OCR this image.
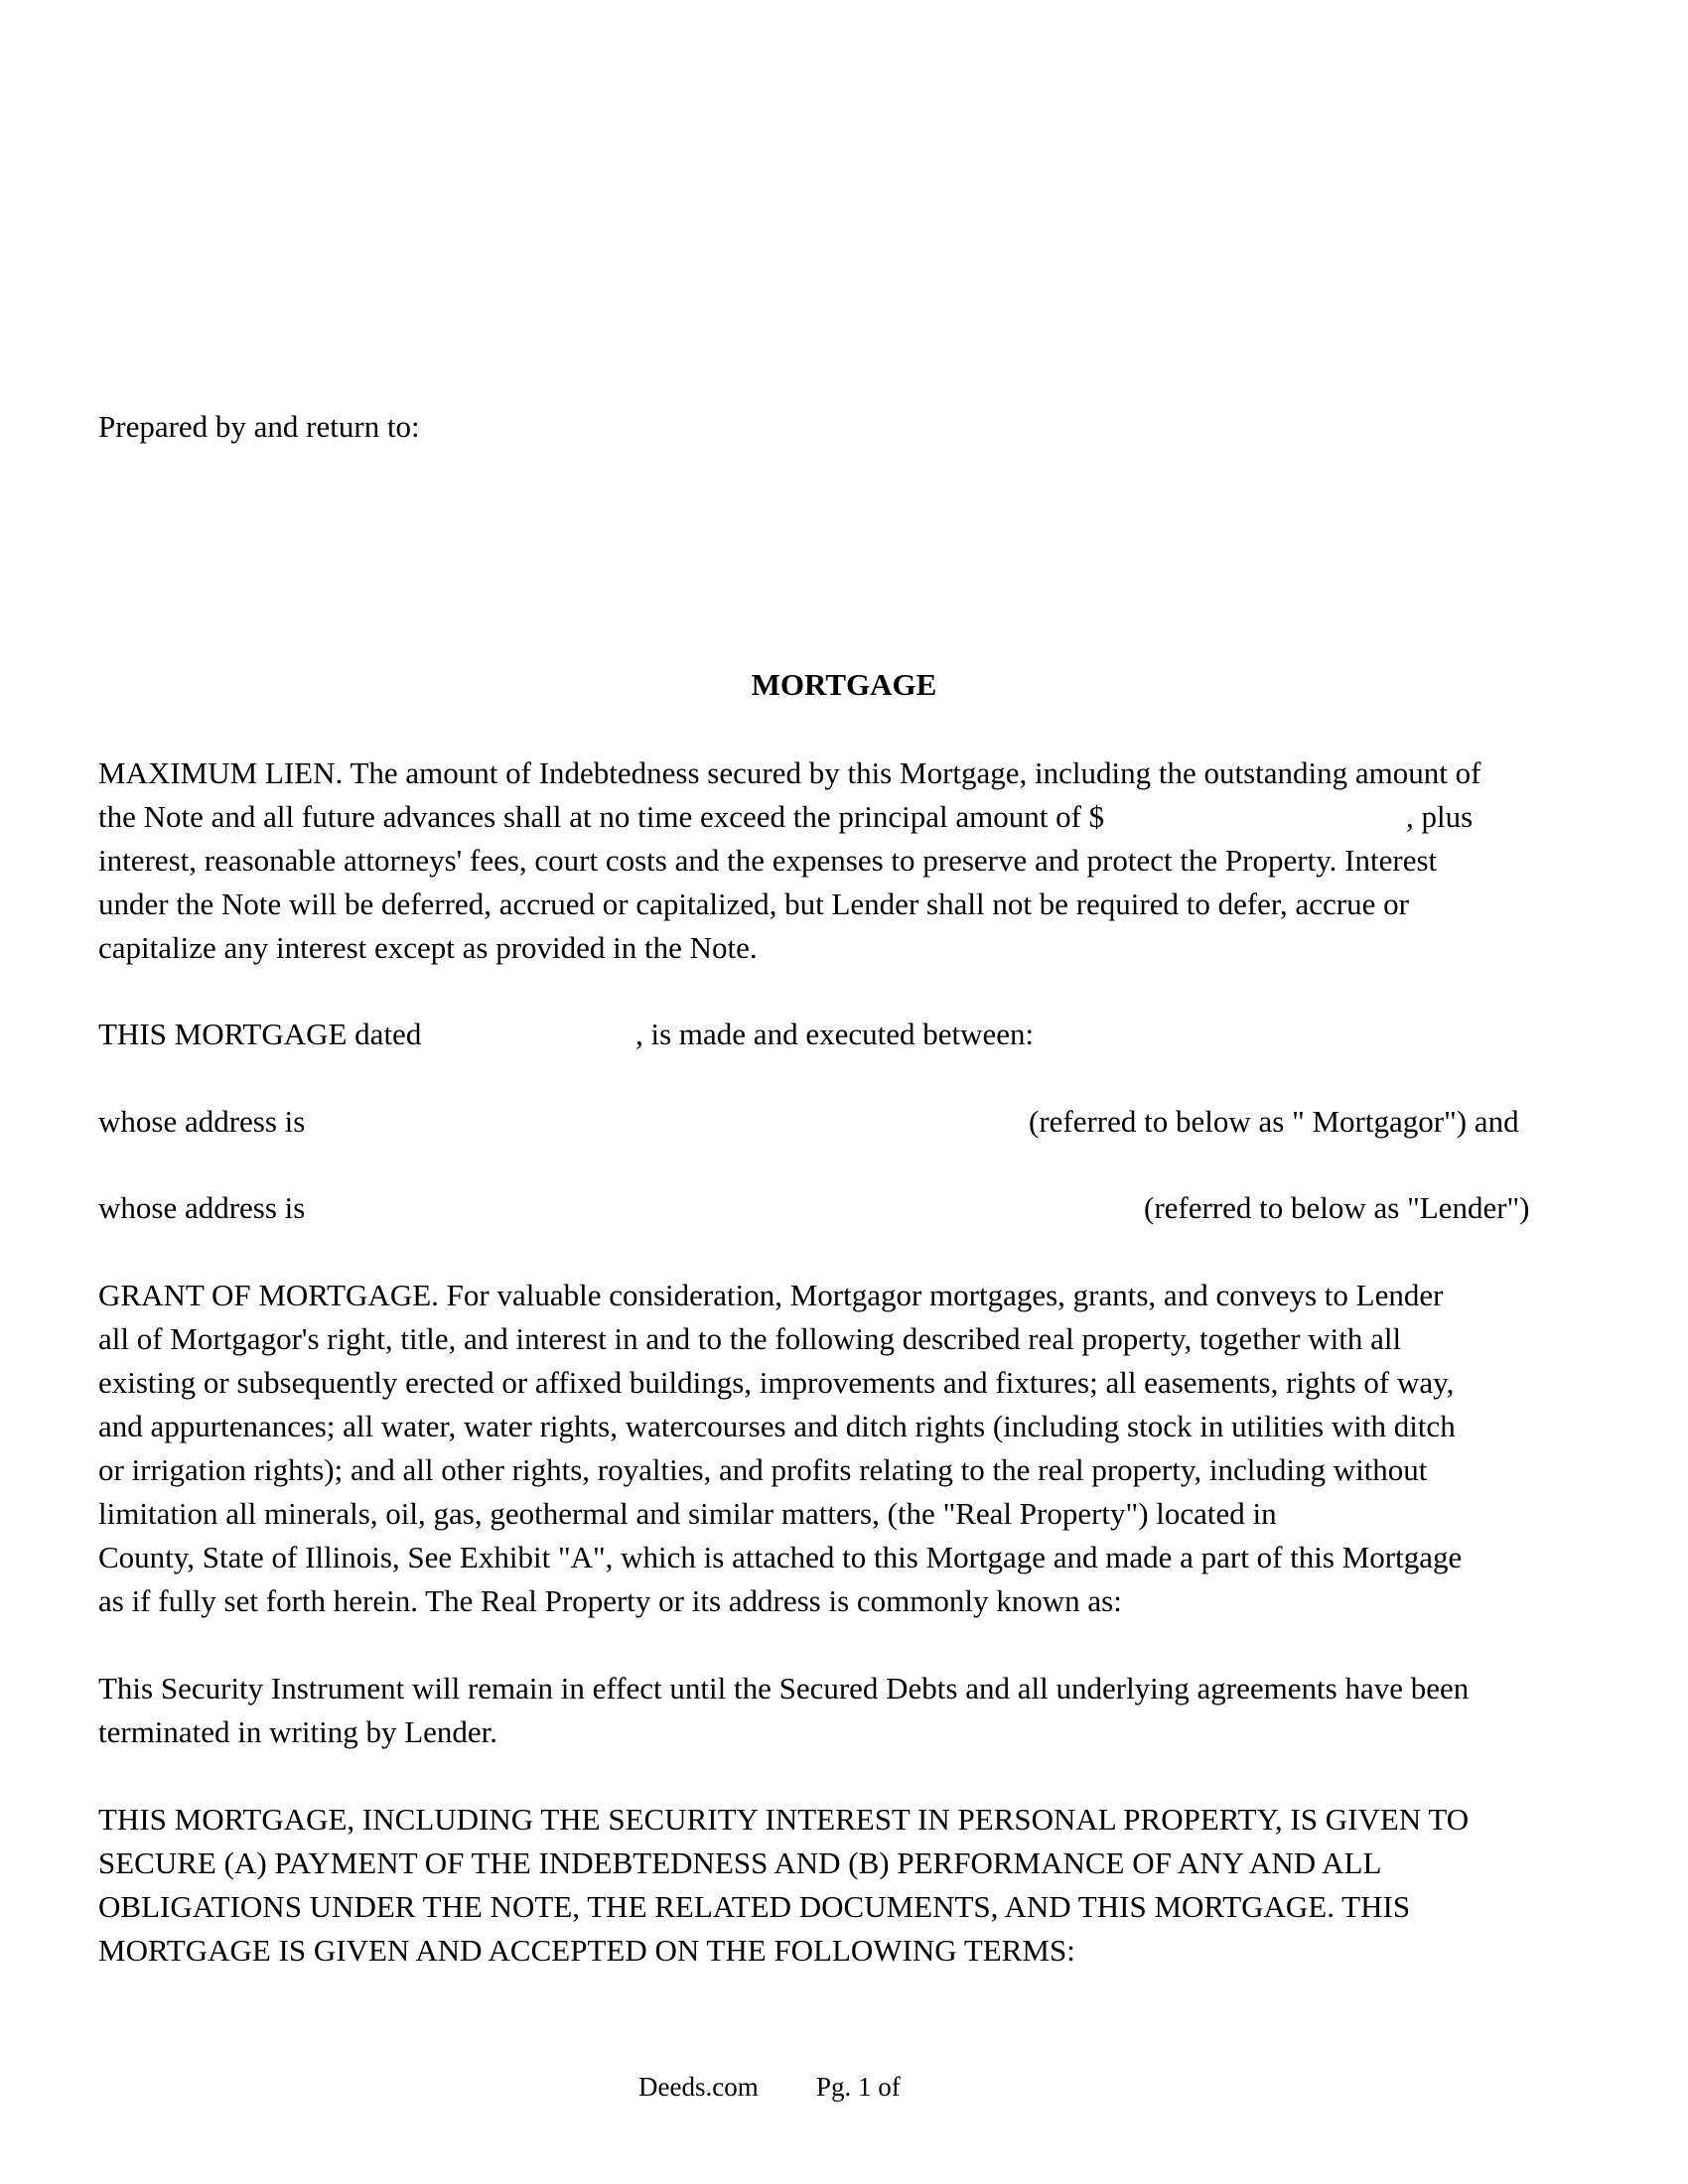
Prepared by and return to:
MORTGAGE
MAXIMUM LIEN. The amount of Indebtedness secured by this Mortgage, including the outstanding amount of
the Note and all future advances shall at no time exceed the principal amount of $	, plus
interest, reasonable attorneys' fees, court costs and the expenses to preserve and protect the Property. Interest
under the Note will be deferred, accrued or capitalized, but Lender shall not be required to defer, accrue or
capitalize any interest except as provided in the Note.
THIS MORTGAGE dated	, is made and executed between:
whose address is	(referred to below as " Mortgagor") and
whose address is	(referred to below as "Lender")
GRANT OF MORTGAGE. For valuable consideration, Mortgagor mortgages, grants, and conveys to Lender
all of Mortgagor's right, title, and interest in and to the following described real property, together with all
existing or subsequently erected or affixed buildings, improvements and fixtures; all easements, rights of way,
and appurtenances; all water, water rights, watercourses and ditch rights (including stock in utilities with ditch
or irrigation rights); and all other rights, royalties, and profits relating to the real property, including without
limitation all minerals, oil, gas, geothermal and similar matters, (the "Real Property") located in
County, State of Illinois, See Exhibit "A", which is attached to this Mortgage and made a part of this Mortgage
as if fully set forth herein. The Real Property or its address is commonly known as:
This Security Instrument will remain in effect until the Secured Debts and all underlying agreements have been
terminated in writing by Lender.
THIS MORTGAGE, INCLUDING THE SECURITY INTEREST IN PERSONAL PROPERTY, IS GIVEN TO
SECURE (A) PAYMENT OF THE INDEBTEDNESS AND (B) PERFORMANCE OF ANY AND ALL
OBLIGATIONS UNDER THE NOTE, THE RELATED DOCUMENTS, AND THIS MORTGAGE. THIS
MORTGAGE IS GIVEN AND ACCEPTED ON THE FOLLOWING TERMS:
Deeds.com Pg. 1 of
